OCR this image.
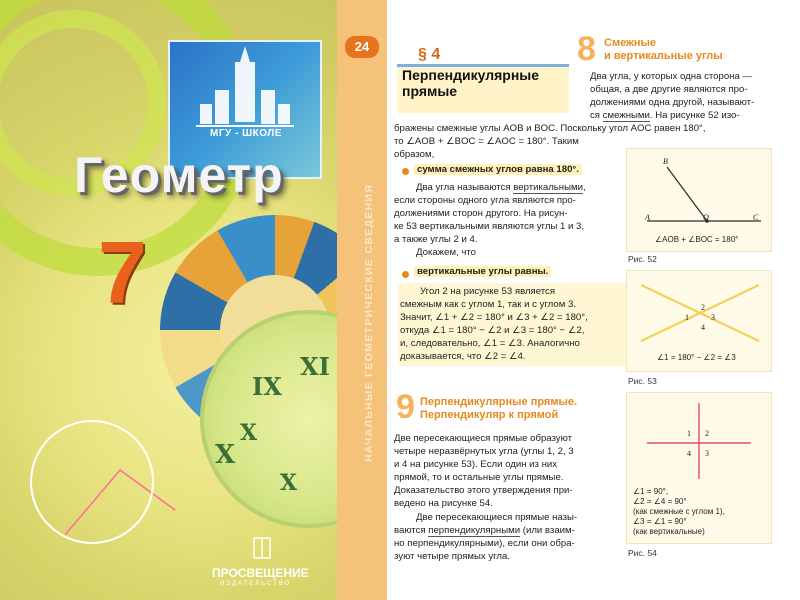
МГУ - ШКОЛЕ
X
IX
XI
X
X
Геометр
7
ПРОСВЕЩЕНИЕ
ИЗДАТЕЛЬСТВО
НАЧАЛЬНЫЕ ГЕОМЕТРИЧЕСКИЕ СВЕДЕНИЯ
24	§ 4
Перпендикулярные
прямые
8 Смежные
и вертикальные углы
Два угла, у которых одна сторона —
общая, а две другие являются про-
должениями одна другой, называют-
ся смежными. На рисунке 52 изо-
бражены смежные углы AOB и BOC. Поскольку угол AOC равен 180°,
то ∠AOB + ∠BOC = ∠AOC = 180°. Таким
образом,
сумма смежных углов равна 180°.
Два угла называются вертикальными,
если стороны одного угла являются про-
должениями сторон другого. На рисун-
ке 53 вертикальными являются углы 1 и 3,
а также углы 2 и 4.
Докажем, что
вертикальные углы равны.
Угол 2 на рисунке 53 является
смежным как с углом 1, так и с углом 3.
Значит, ∠1 + ∠2 = 180° и ∠3 + ∠2 = 180°,
откуда ∠1 = 180° − ∠2 и ∠3 = 180° − ∠2,
и, следовательно, ∠1 = ∠3. Аналогично
доказывается, что ∠2 = ∠4.
9 Перпендикулярные прямые.
Перпендикуляр к прямой
Две пересекающиеся прямые образуют
четыре неразвёрнутых угла (углы 1, 2, 3
и 4 на рисунке 53). Если один из них
прямой, то и остальные углы прямые.
Доказательство этого утверждения при-
ведено на рисунке 54.
Две пересекающиеся прямые назы-
ваются перпендикулярными (или взаим-
но перпендикулярными), если они обра-
зуют четыре прямых угла.
B
A	O	C
∠AOB + ∠BOC = 180°
Рис. 52
2
1	3
4
∠1 = 180° − ∠2 = ∠3
Рис. 53
1 2
4 3
∠1 = 90°,
∠2 = ∠4 = 90°
(как смежные с углом 1),
∠3 = ∠1 = 90°
(как вертикальные)
Рис. 54
